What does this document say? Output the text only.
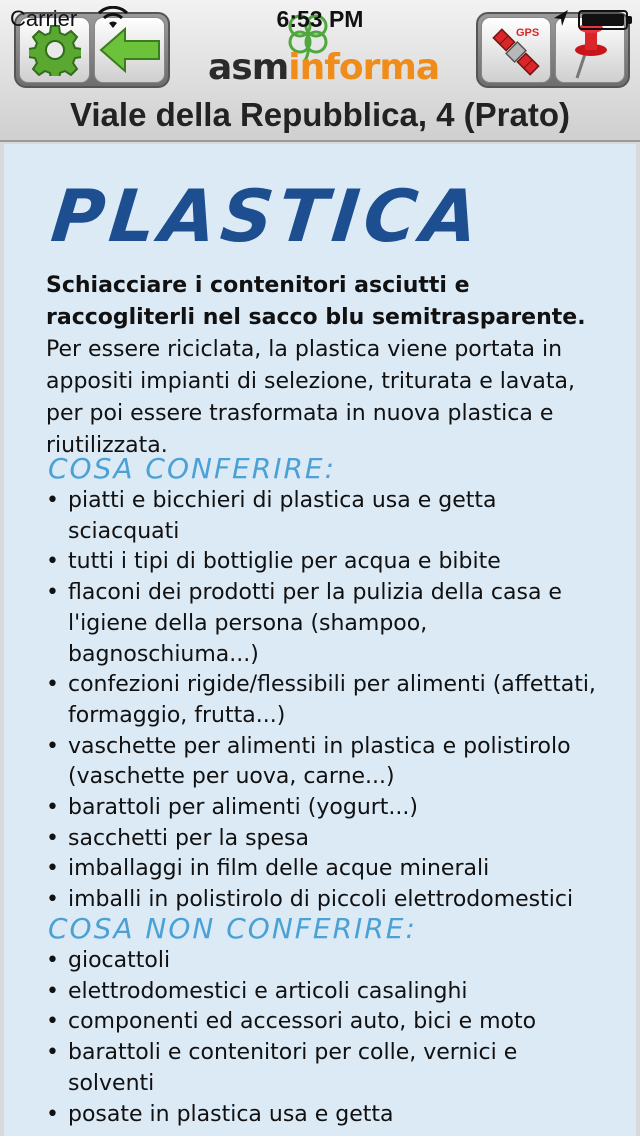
asminforma
GPS
Viale della Repubblica, 4 (Prato)
Carrier	6:53 PM
PLASTICA
Schiacciare i contenitori asciutti e raccogliterli nel sacco blu semitrasparente. Per essere riciclata, la plastica viene portata in appositi impianti di selezione, triturata e lavata, per poi essere trasformata in nuova plastica e riutilizzata.
COSA CONFERIRE:
• piatti e bicchieri di plastica usa e getta sciacquati
• tutti i tipi di bottiglie per acqua e bibite
• flaconi dei prodotti per la pulizia della casa e l'igiene della persona (shampoo, bagnoschiuma...)
• confezioni rigide/flessibili per alimenti (affettati, formaggio, frutta...)
• vaschette per alimenti in plastica e polistirolo (vaschette per uova, carne...)
• barattoli per alimenti (yogurt...)
• sacchetti per la spesa
• imballaggi in film delle acque minerali
• imballi in polistirolo di piccoli elettrodomestici
COSA NON CONFERIRE:
• giocattoli
• elettrodomestici e articoli casalinghi
• componenti ed accessori auto, bici e moto
• barattoli e contenitori per colle, vernici e solventi
• posate in plastica usa e getta
